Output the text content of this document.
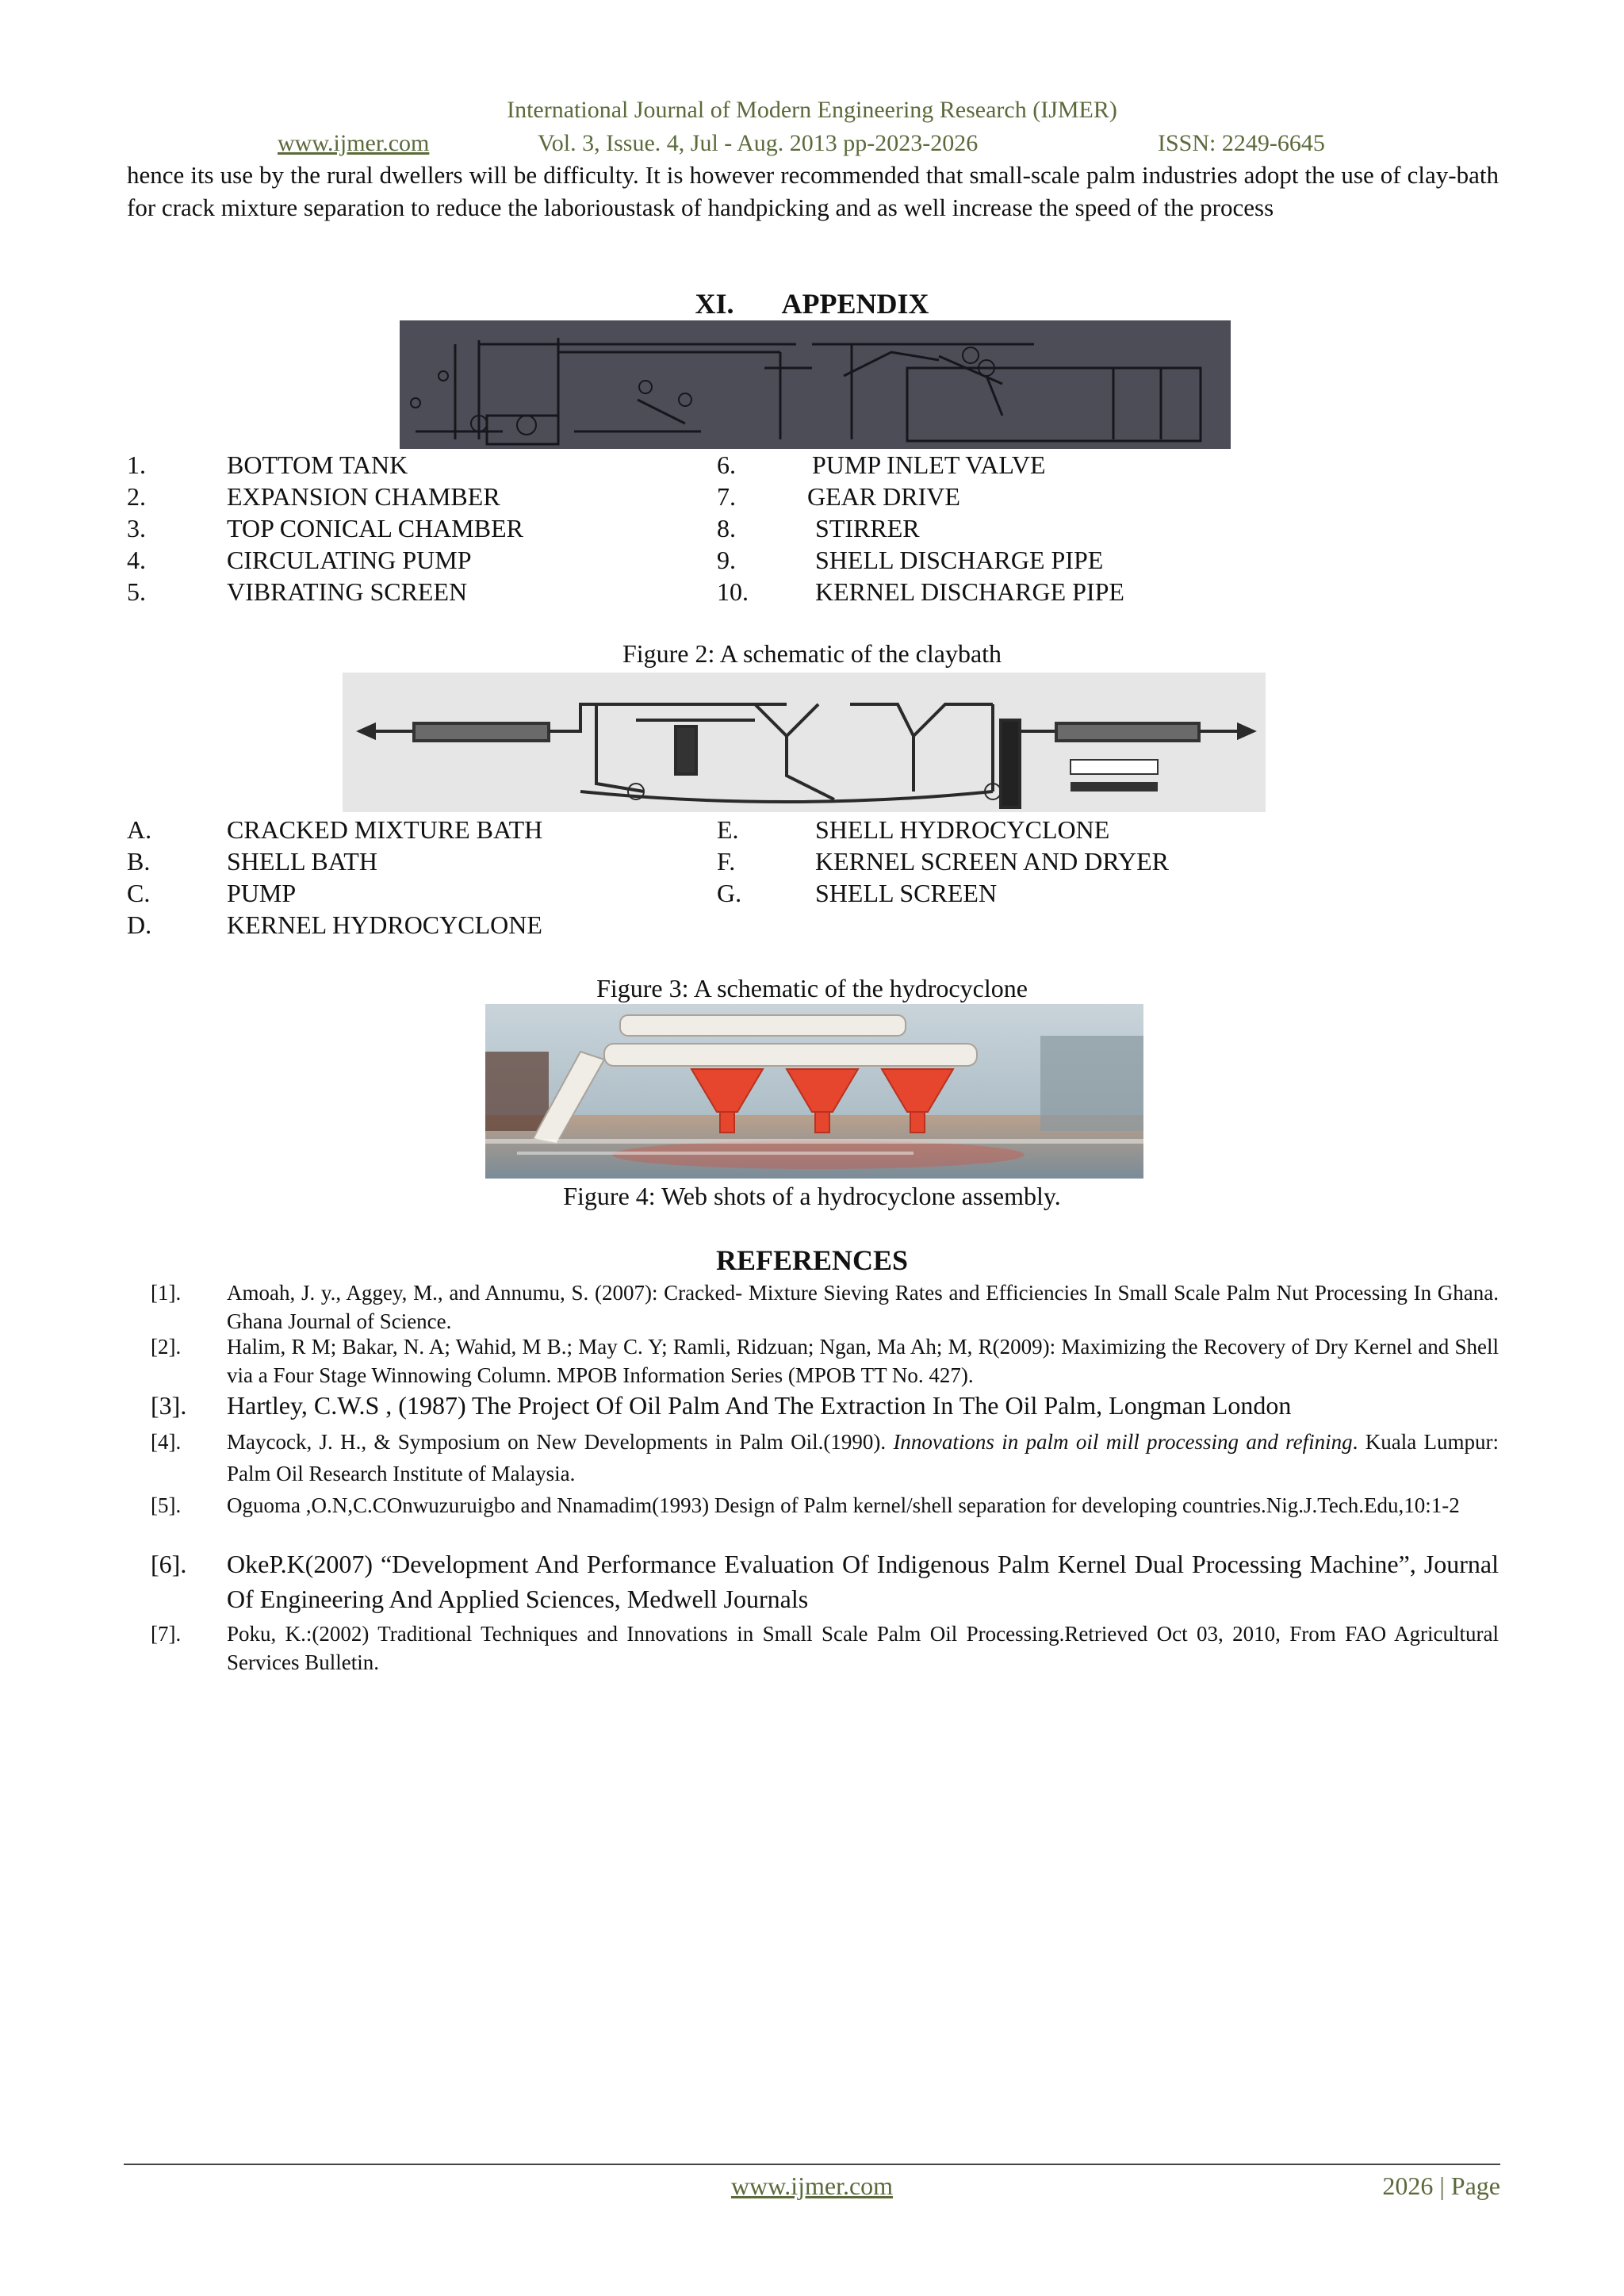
International Journal of Modern Engineering Research (IJMER)
www.ijmer.com	Vol. 3, Issue. 4, Jul - Aug. 2013 pp-2023-2026	ISSN: 2249-6645
hence its use by the rural dwellers will be difficulty. It is however recommended that small-scale palm industries adopt the use of clay-bath for crack mixture separation to reduce the laborioustask of handpicking and as well increase the speed of the process
XI. APPENDIX
1.	BOTTOM TANK
2.	EXPANSION CHAMBER
3.	TOP CONICAL CHAMBER
4.	CIRCULATING PUMP
5.	VIBRATING SCREEN
6.	PUMP INLET VALVE
7.	GEAR DRIVE
8.	STIRRER
9.	SHELL DISCHARGE PIPE
10.	KERNEL DISCHARGE PIPE
Figure 2: A schematic of the claybath
A.	CRACKED MIXTURE BATH
B.	SHELL BATH
C.	PUMP
D.	KERNEL HYDROCYCLONE
E.	SHELL HYDROCYCLONE
F.	KERNEL SCREEN AND DRYER
G.	SHELL SCREEN
Figure 3: A schematic of the hydrocyclone
Figure 4: Web shots of a hydrocyclone assembly.
REFERENCES
[1]. Amoah, J. y., Aggey, M., and Annumu, S. (2007): Cracked- Mixture Sieving Rates and Efficiencies In Small Scale Palm Nut Processing In Ghana. Ghana Journal of Science.
[2]. Halim, R M; Bakar, N. A; Wahid, M B.; May C. Y; Ramli, Ridzuan; Ngan, Ma Ah; M, R(2009): Maximizing the Recovery of Dry Kernel and Shell via a Four Stage Winnowing Column. MPOB Information Series (MPOB TT No. 427).
[3]. Hartley, C.W.S , (1987) The Project Of Oil Palm And The Extraction In The Oil Palm, Longman London
[4]. Maycock, J. H., & Symposium on New Developments in Palm Oil.(1990). Innovations in palm oil mill processing and refining. Kuala Lumpur: Palm Oil Research Institute of Malaysia.
[5]. Oguoma ,O.N,C.COnwuzuruigbo and Nnamadim(1993) Design of Palm kernel/shell separation for developing countries.Nig.J.Tech.Edu,10:1-2
[6]. OkeP.K(2007) “Development And Performance Evaluation Of Indigenous Palm Kernel Dual Processing Machine”, Journal Of Engineering And Applied Sciences, Medwell Journals
[7]. Poku, K.:(2002) Traditional Techniques and Innovations in Small Scale Palm Oil Processing.Retrieved Oct 03, 2010, From FAO Agricultural Services Bulletin.
www.ijmer.com	2026 | Page
